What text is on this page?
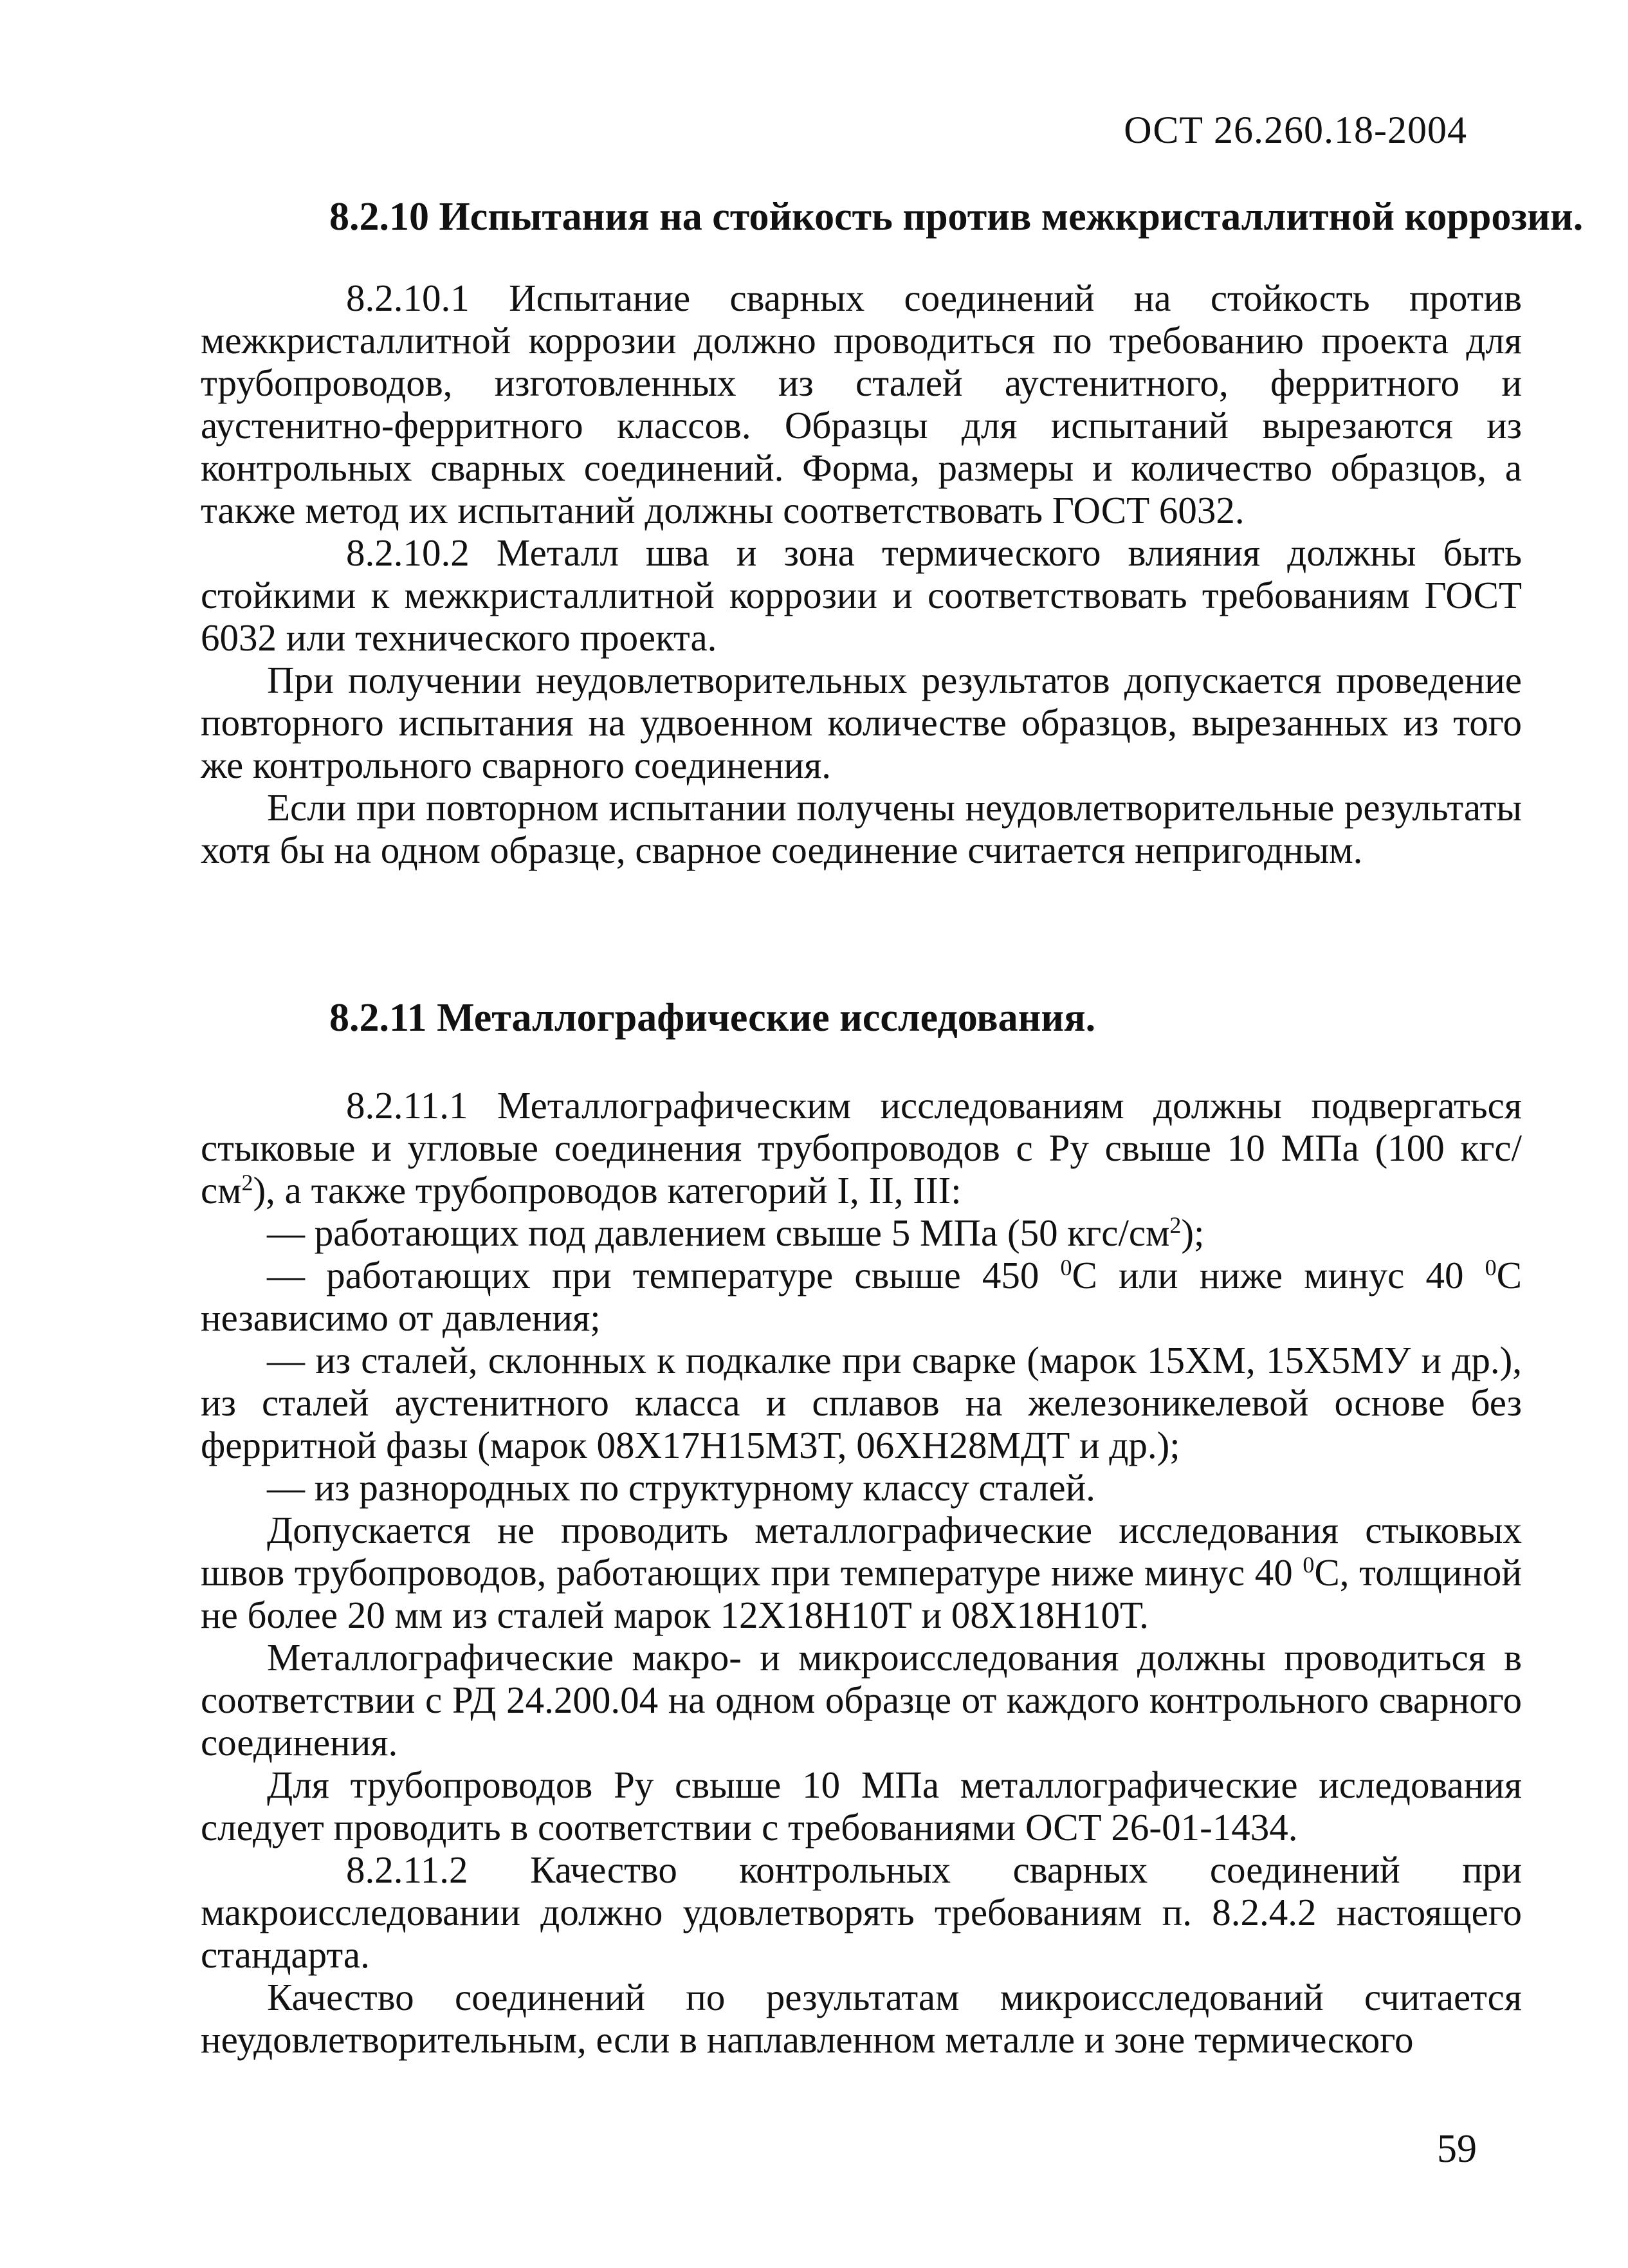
ОСТ 26.260.18-2004
8.2.10 Испытания на стойкость против межкристаллитной коррозии.

8.2.10.1 Испытание сварных соединений на стойкость против межкристаллитной коррозии должно проводиться по требованию проекта для трубопроводов, изготовленных из сталей аустенитного, ферритного и аустенитно-ферритного классов. Образцы для испытаний вырезаются из контрольных сварных соединений. Форма, размеры и количество образцов, а также метод их испытаний должны соответствовать ГОСТ 6032.

8.2.10.2 Металл шва и зона термического влияния должны быть стойкими к межкристаллитной коррозии и соответствовать требованиям ГОСТ 6032 или технического проекта.

При получении неудовлетворительных результатов допускается проведение повторного испытания на удвоенном количестве образцов, вырезанных из того же контрольного сварного соединения.

Если при повторном испытании получены неудовлетворительные результаты хотя бы на одном образце, сварное соединение считается непригодным.

8.2.11 Металлографические исследования.

8.2.11.1 Металлографическим исследованиям должны подвергаться стыковые и угловые соединения трубопроводов с Ру свыше 10 МПа (100 кгс/$см^2$), а также трубопроводов категорий I, II, III:

— работающих под давлением свыше 5 МПа (50 кгс/$см^2$);

— работающих при температуре свыше 450 $^0$С или ниже минус 40 $^0$С независимо от давления;

— из сталей, склонных к подкалке при сварке (марок 15ХМ, 15Х5МУ и др.), из сталей аустенитного класса и сплавов на железоникелевой основе без ферритной фазы (марок 08Х17Н15М3Т, 06ХН28МДТ и др.);

— из разнородных по структурному классу сталей.

Допускается не проводить металлографические исследования стыковых швов трубопроводов, работающих при температуре ниже минус 40 $^0$С, толщиной не более 20 мм из сталей марок 12Х18Н10Т и 08Х18Н10Т.

Металлографические макро- и микроисследования должны проводиться в соответствии с РД 24.200.04 на одном образце от каждого контрольного сварного соединения.

Для трубопроводов Ру свыше 10 МПа металлографические иследования следует проводить в соответствии с требованиями ОСТ 26-01-1434.

8.2.11.2 Качество контрольных сварных соединений при макроисследовании должно удовлетворять требованиям п. 8.2.4.2 настоящего стандарта.

Качество соединений по результатам микроисследований считается неудовлетворительным, если в наплавленном металле и зоне термического

59
